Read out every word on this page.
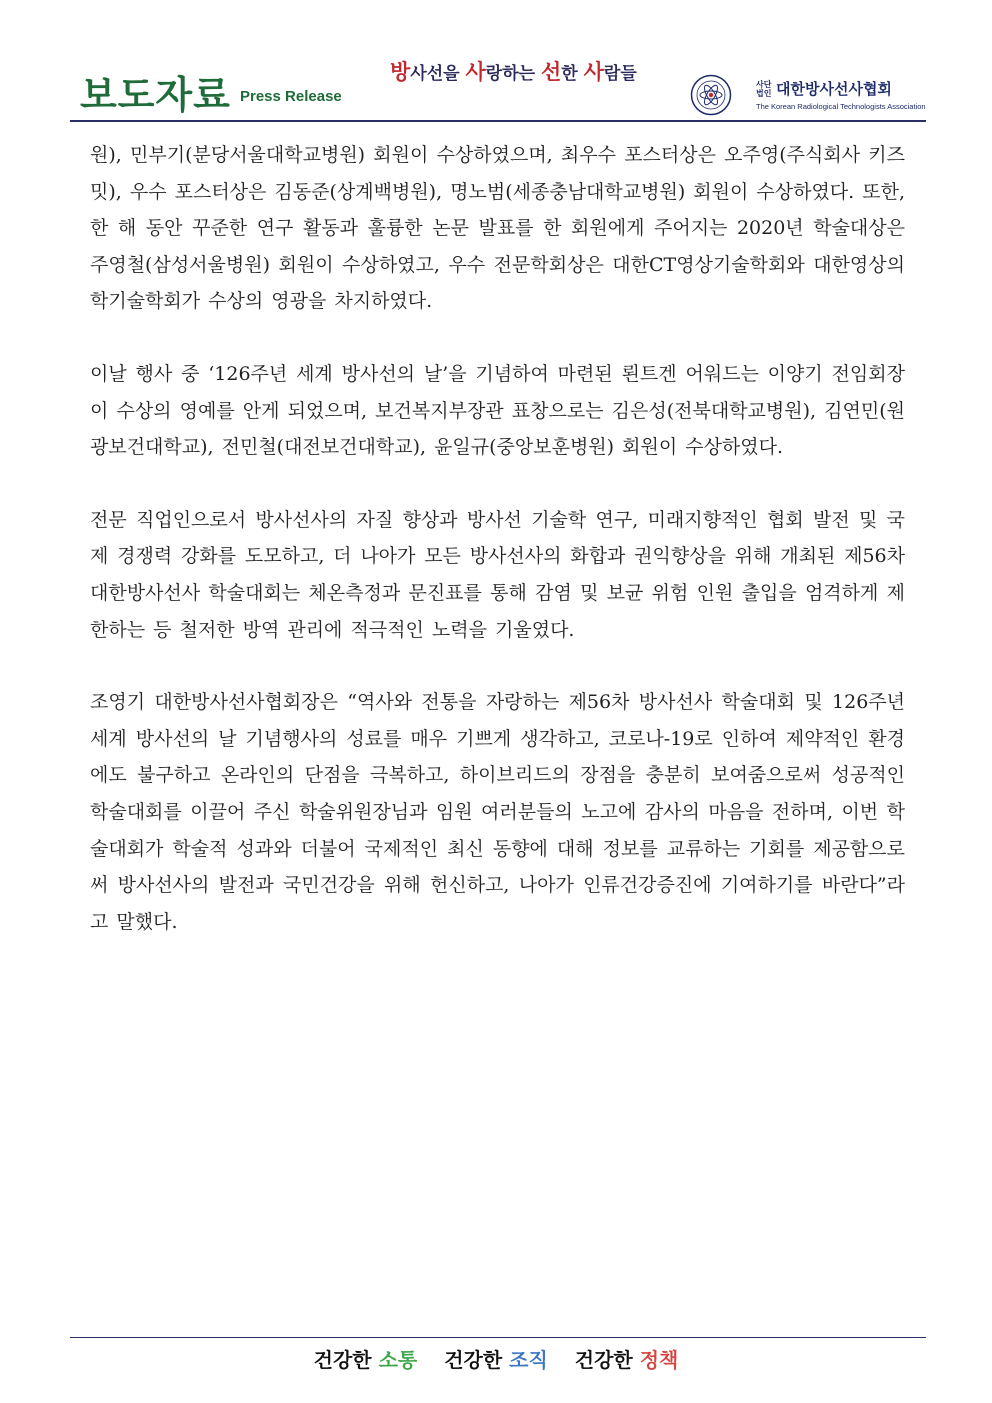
보도자료 Press Release
방사선을 사랑하는 선한 사람들
사단법인 대한방사선사협회
The Korean Radiological Technologists Association

원), 민부기(분당서울대학교병원) 회원이 수상하였으며, 최우수 포스터상은 오주영(주식회사 키즈밋), 우수 포스터상은 김동준(상계백병원), 명노범(세종충남대학교병원) 회원이 수상하였다. 또한, 한 해 동안 꾸준한 연구 활동과 훌륭한 논문 발표를 한 회원에게 주어지는 2020년 학술대상은 주영철(삼성서울병원) 회원이 수상하였고, 우수 전문학회상은 대한CT영상기술학회와 대한영상의학기술학회가 수상의 영광을 차지하였다.

이날 행사 중 ‘126주년 세계 방사선의 날’을 기념하여 마련된 뢴트겐 어워드는 이양기 전임회장이 수상의 영예를 안게 되었으며, 보건복지부장관 표창으로는 김은성(전북대학교병원), 김연민(원광보건대학교), 전민철(대전보건대학교), 윤일규(중앙보훈병원) 회원이 수상하였다.

전문 직업인으로서 방사선사의 자질 향상과 방사선 기술학 연구, 미래지향적인 협회 발전 및 국제 경쟁력 강화를 도모하고, 더 나아가 모든 방사선사의 화합과 권익향상을 위해 개최된 제56차 대한방사선사 학술대회는 체온측정과 문진표를 통해 감염 및 보균 위험 인원 출입을 엄격하게 제한하는 등 철저한 방역 관리에 적극적인 노력을 기울였다.

조영기 대한방사선사협회장은 “역사와 전통을 자랑하는 제56차 방사선사 학술대회 및 126주년 세계 방사선의 날 기념행사의 성료를 매우 기쁘게 생각하고, 코로나-19로 인하여 제약적인 환경에도 불구하고 온라인의 단점을 극복하고, 하이브리드의 장점을 충분히 보여줌으로써 성공적인 학술대회를 이끌어 주신 학술위원장님과 임원 여러분들의 노고에 감사의 마음을 전하며, 이번 학술대회가 학술적 성과와 더불어 국제적인 최신 동향에 대해 정보를 교류하는 기회를 제공함으로써 방사선사의 발전과 국민건강을 위해 헌신하고, 나아가 인류건강증진에 기여하기를 바란다”라고 말했다.

건강한 소통 건강한 조직 건강한 정책
